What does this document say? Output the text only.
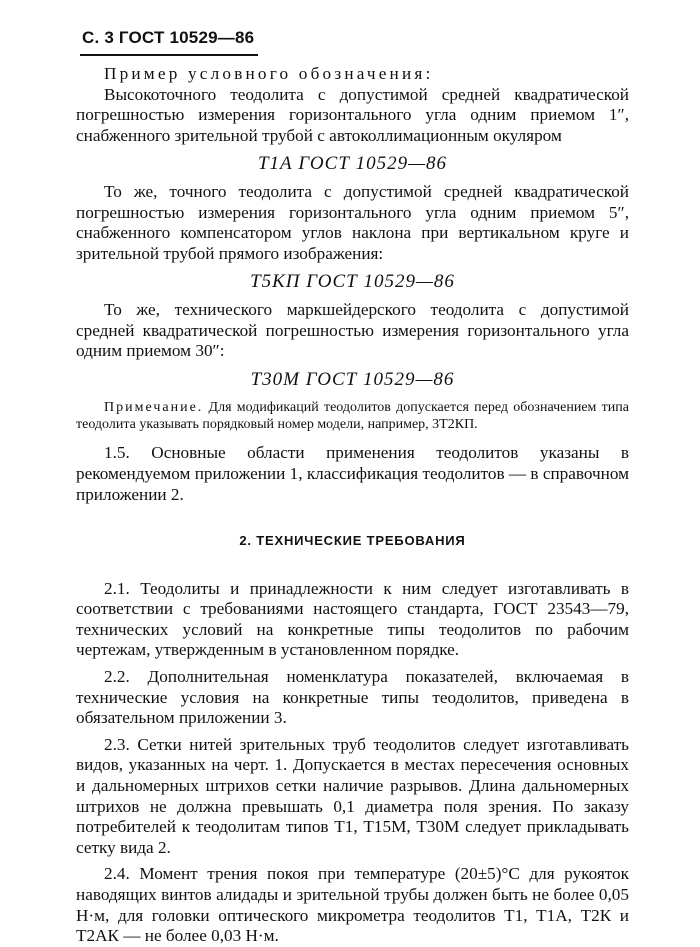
С. 3 ГОСТ 10529—86

Пример условного обозначения:

Высокоточного теодолита с допустимой средней квадратической погрешностью измерения горизонтального угла одним приемом 1″, снабженного зрительной трубой с автоколлимационным окуляром

Т1А ГОСТ 10529—86

То же, точного теодолита с допустимой средней квадратической погрешностью измерения горизонтального угла одним приемом 5″, снабженного компенсатором углов наклона при вертикальном круге и зрительной трубой прямого изображения:

Т5КП ГОСТ 10529—86

То же, технического маркшейдерского теодолита с допустимой средней квадратической погрешностью измерения горизонтального угла одним приемом 30″:

Т30М ГОСТ 10529—86

Примечание. Для модификаций теодолитов допускается перед обозначением типа теодолита указывать порядковый номер модели, например, 3Т2КП.

1.5. Основные области применения теодолитов указаны в рекомендуемом приложении 1, классификация теодолитов — в справочном приложении 2.

2. ТЕХНИЧЕСКИЕ ТРЕБОВАНИЯ

2.1. Теодолиты и принадлежности к ним следует изготавливать в соответствии с требованиями настоящего стандарта, ГОСТ 23543—79, технических условий на конкретные типы теодолитов по рабочим чертежам, утвержденным в установленном порядке.

2.2. Дополнительная номенклатура показателей, включаемая в технические условия на конкретные типы теодолитов, приведена в обязательном приложении 3.

2.3. Сетки нитей зрительных труб теодолитов следует изготавливать видов, указанных на черт. 1. Допускается в местах пересечения основных и дальномерных штрихов сетки наличие разрывов. Длина дальномерных штрихов не должна превышать 0,1 диаметра поля зрения. По заказу потребителей к теодолитам типов Т1, Т15М, Т30М следует прикладывать сетку вида 2.

2.4. Момент трения покоя при температуре (20±5)°С для рукояток наводящих винтов алидады и зрительной трубы должен быть не более 0,05 Н·м, для головки оптического микрометра теодолитов Т1, Т1А, Т2К и Т2АК — не более 0,03 Н·м.
